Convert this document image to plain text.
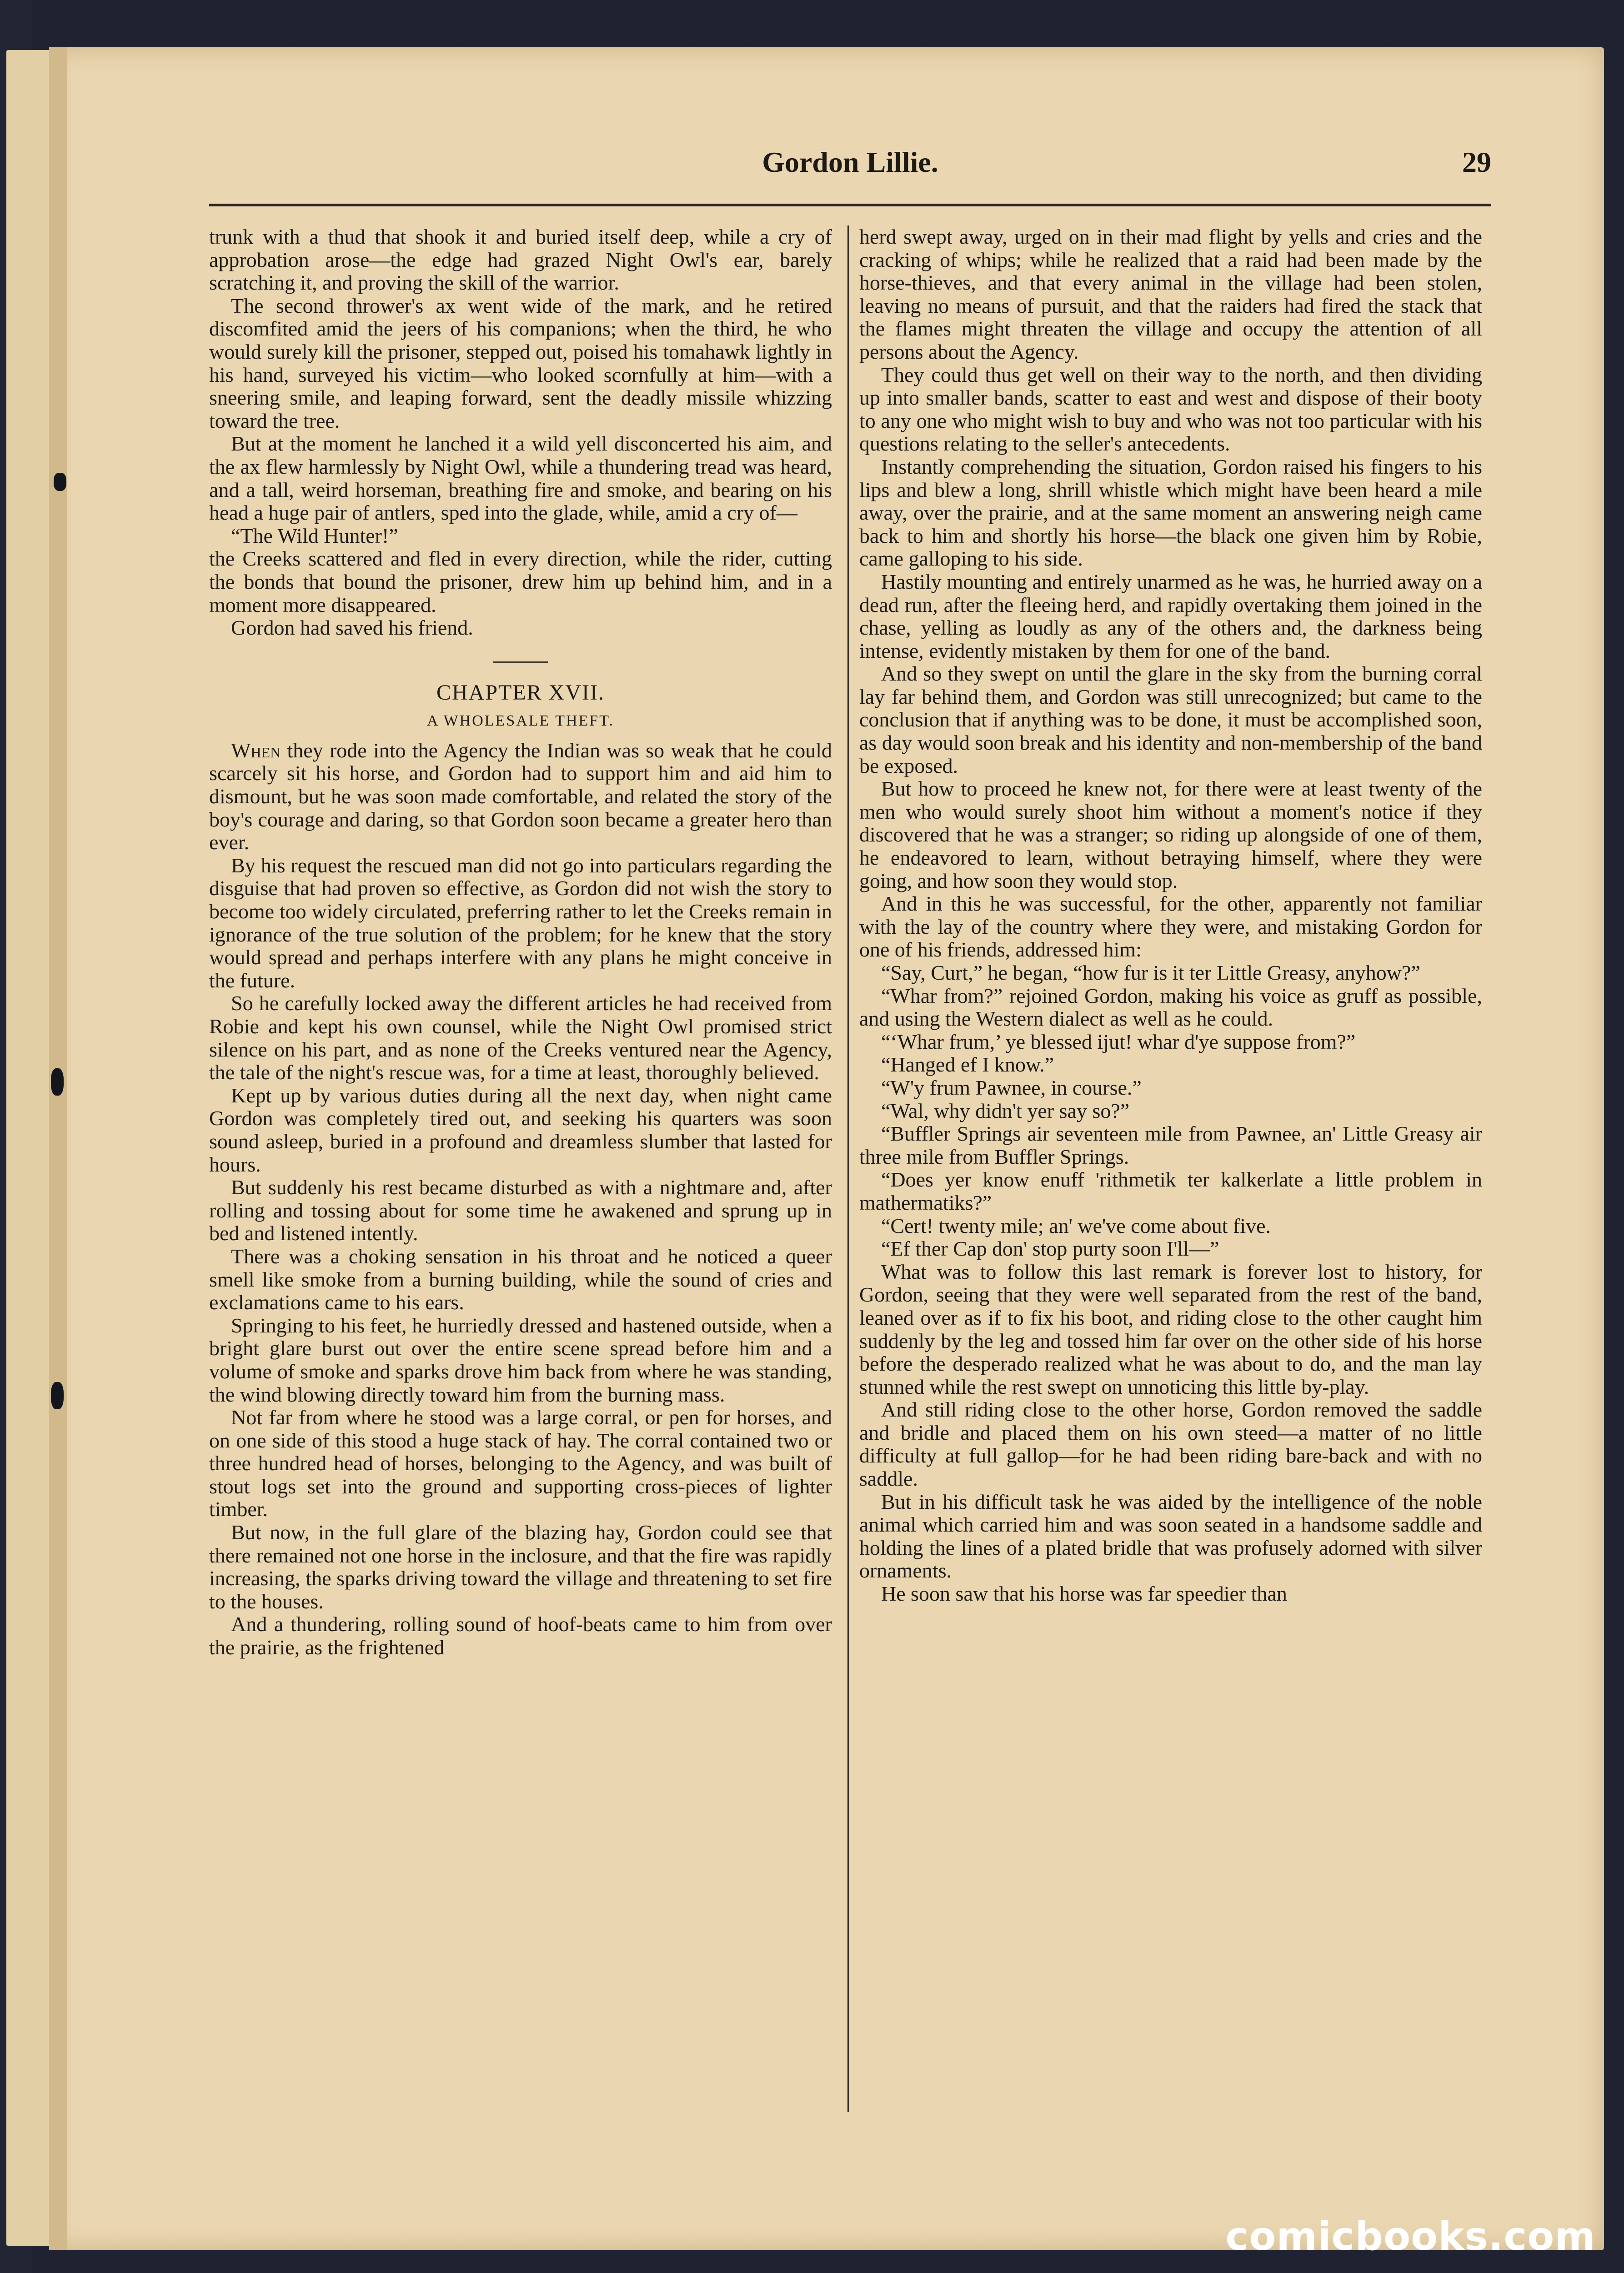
Gordon Lillie.	29

trunk with a thud that shook it and buried itself deep, while a cry of approbation arose—the edge had grazed Night Owl's ear, barely scratching it, and proving the skill of the warrior.

The second thrower's ax went wide of the mark, and he retired discomfited amid the jeers of his companions; when the third, he who would surely kill the prisoner, stepped out, poised his tomahawk lightly in his hand, surveyed his victim—who looked scornfully at him—with a sneering smile, and leaping forward, sent the deadly missile whizzing toward the tree.

But at the moment he lanched it a wild yell disconcerted his aim, and the ax flew harmlessly by Night Owl, while a thundering tread was heard, and a tall, weird horseman, breathing fire and smoke, and bearing on his head a huge pair of antlers, sped into the glade, while, amid a cry of—

“The Wild Hunter!”

the Creeks scattered and fled in every direction, while the rider, cutting the bonds that bound the prisoner, drew him up behind him, and in a moment more disappeared.

Gordon had saved his friend.

CHAPTER XVII.
A WHOLESALE THEFT.

When they rode into the Agency the Indian was so weak that he could scarcely sit his horse, and Gordon had to support him and aid him to dismount, but he was soon made comfortable, and related the story of the boy's courage and daring, so that Gordon soon became a greater hero than ever.

By his request the rescued man did not go into particulars regarding the disguise that had proven so effective, as Gordon did not wish the story to become too widely circulated, preferring rather to let the Creeks remain in ignorance of the true solution of the problem; for he knew that the story would spread and perhaps interfere with any plans he might conceive in the future.

So he carefully locked away the different articles he had received from Robie and kept his own counsel, while the Night Owl promised strict silence on his part, and as none of the Creeks ventured near the Agency, the tale of the night's rescue was, for a time at least, thoroughly believed.

Kept up by various duties during all the next day, when night came Gordon was completely tired out, and seeking his quarters was soon sound asleep, buried in a profound and dreamless slumber that lasted for hours.

But suddenly his rest became disturbed as with a nightmare and, after rolling and tossing about for some time he awakened and sprung up in bed and listened intently.

There was a choking sensation in his throat and he noticed a queer smell like smoke from a burning building, while the sound of cries and exclamations came to his ears.

Springing to his feet, he hurriedly dressed and hastened outside, when a bright glare burst out over the entire scene spread before him and a volume of smoke and sparks drove him back from where he was standing, the wind blowing directly toward him from the burning mass.

Not far from where he stood was a large corral, or pen for horses, and on one side of this stood a huge stack of hay. The corral contained two or three hundred head of horses, belonging to the Agency, and was built of stout logs set into the ground and supporting cross-pieces of lighter timber.

But now, in the full glare of the blazing hay, Gordon could see that there remained not one horse in the inclosure, and that the fire was rapidly increasing, the sparks driving toward the village and threatening to set fire to the houses.

And a thundering, rolling sound of hoof-beats came to him from over the prairie, as the frightened

herd swept away, urged on in their mad flight by yells and cries and the cracking of whips; while he realized that a raid had been made by the horse-thieves, and that every animal in the village had been stolen, leaving no means of pursuit, and that the raiders had fired the stack that the flames might threaten the village and occupy the attention of all persons about the Agency.

They could thus get well on their way to the north, and then dividing up into smaller bands, scatter to east and west and dispose of their booty to any one who might wish to buy and who was not too particular with his questions relating to the seller's antecedents.

Instantly comprehending the situation, Gordon raised his fingers to his lips and blew a long, shrill whistle which might have been heard a mile away, over the prairie, and at the same moment an answering neigh came back to him and shortly his horse—the black one given him by Robie, came galloping to his side.

Hastily mounting and entirely unarmed as he was, he hurried away on a dead run, after the fleeing herd, and rapidly overtaking them joined in the chase, yelling as loudly as any of the others and, the darkness being intense, evidently mistaken by them for one of the band.

And so they swept on until the glare in the sky from the burning corral lay far behind them, and Gordon was still unrecognized; but came to the conclusion that if anything was to be done, it must be accomplished soon, as day would soon break and his identity and non-membership of the band be exposed.

But how to proceed he knew not, for there were at least twenty of the men who would surely shoot him without a moment's notice if they discovered that he was a stranger; so riding up alongside of one of them, he endeavored to learn, without betraying himself, where they were going, and how soon they would stop.

And in this he was successful, for the other, apparently not familiar with the lay of the country where they were, and mistaking Gordon for one of his friends, addressed him:

“Say, Curt,” he began, “how fur is it ter Little Greasy, anyhow?”

“Whar from?” rejoined Gordon, making his voice as gruff as possible, and using the Western dialect as well as he could.

“‘Whar frum,’ ye blessed ijut! whar d'ye suppose from?”

“Hanged ef I know.”

“W'y frum Pawnee, in course.”

“Wal, why didn't yer say so?”

“Buffler Springs air seventeen mile from Pawnee, an' Little Greasy air three mile from Buffler Springs.

“Does yer know enuff 'rithmetik ter kalkerlate a little problem in mathermatiks?”

“Cert! twenty mile; an' we've come about five.

“Ef ther Cap don' stop purty soon I'll—”

What was to follow this last remark is forever lost to history, for Gordon, seeing that they were well separated from the rest of the band, leaned over as if to fix his boot, and riding close to the other caught him suddenly by the leg and tossed him far over on the other side of his horse before the desperado realized what he was about to do, and the man lay stunned while the rest swept on unnoticing this little by-play.

And still riding close to the other horse, Gordon removed the saddle and bridle and placed them on his own steed—a matter of no little difficulty at full gallop—for he had been riding bare-back and with no saddle.

But in his difficult task he was aided by the intelligence of the noble animal which carried him and was soon seated in a handsome saddle and holding the lines of a plated bridle that was profusely adorned with silver ornaments.

He soon saw that his horse was far speedier than

comicbooks.com
